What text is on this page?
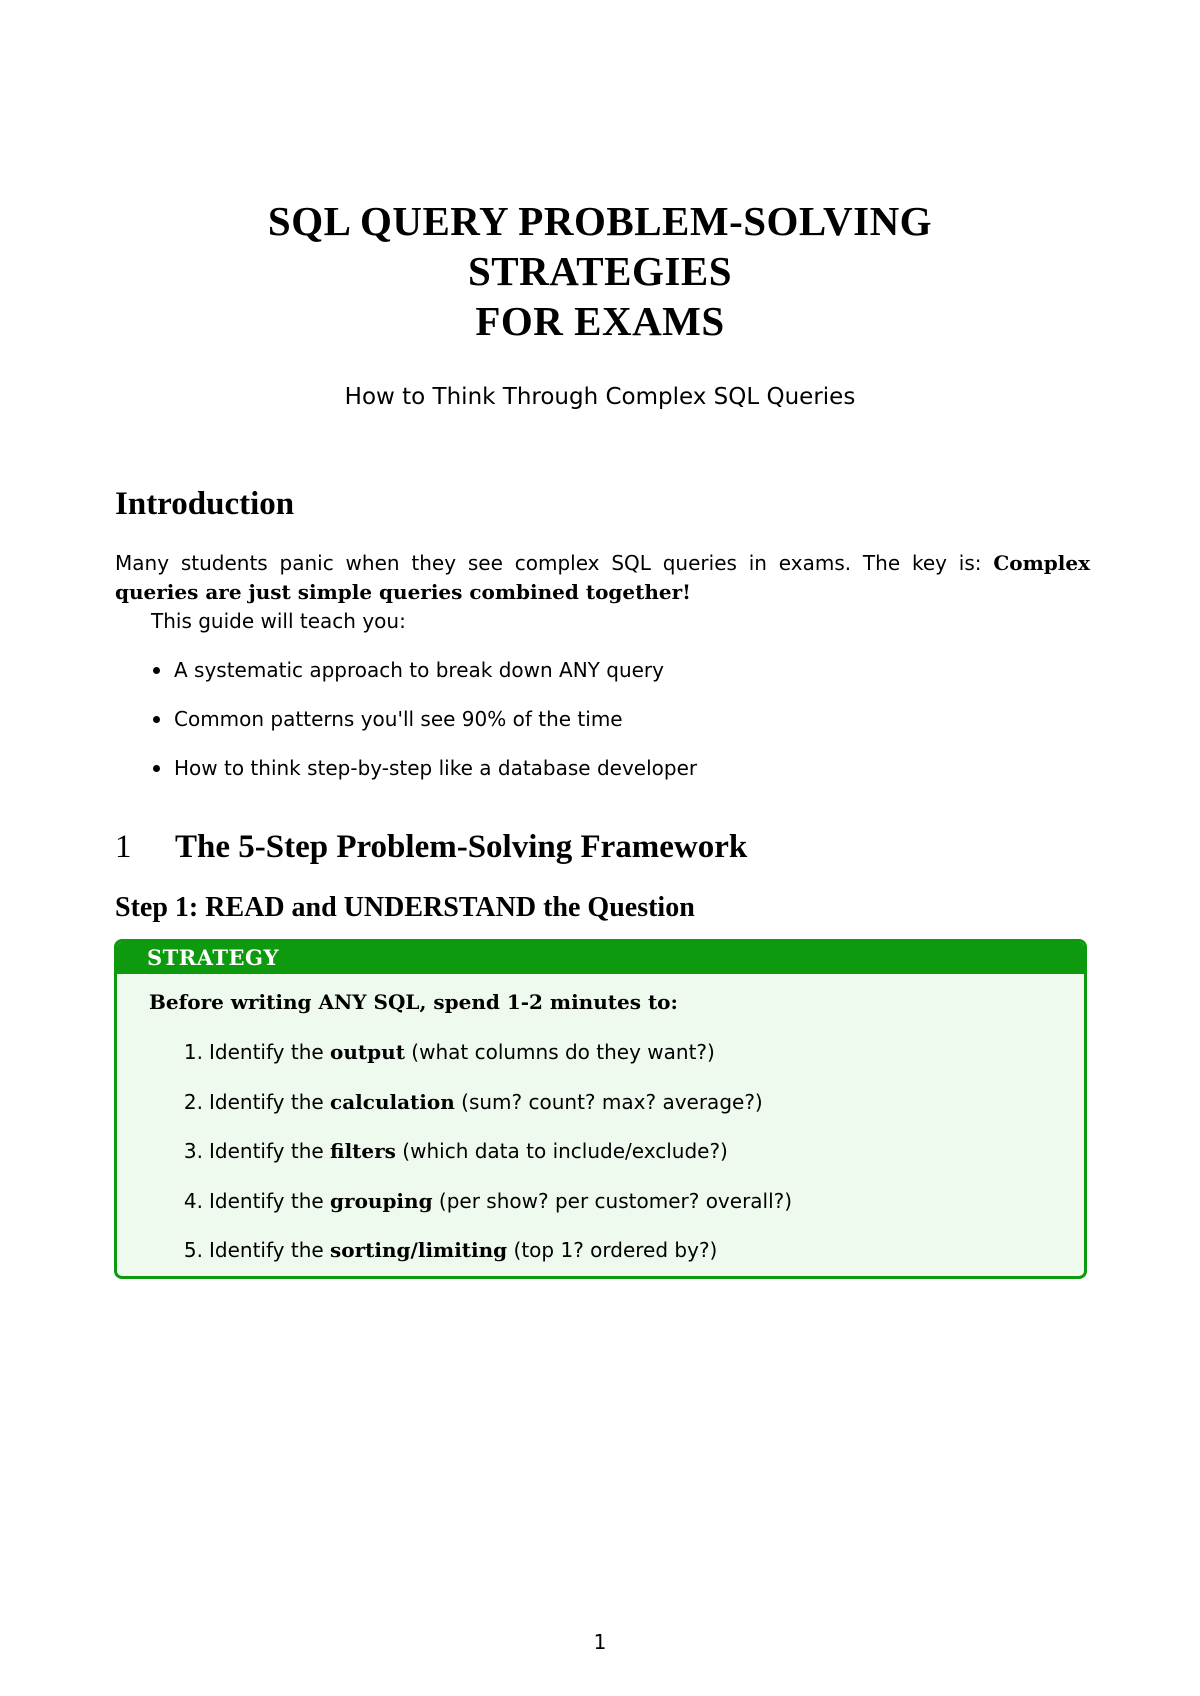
SQL QUERY PROBLEM-SOLVING
STRATEGIES
FOR EXAMS
How to Think Through Complex SQL Queries
Introduction
Many students panic when they see complex SQL queries in exams. The key is: Complex queries are just simple queries combined together!
This guide will teach you:
A systematic approach to break down ANY query
Common patterns you'll see 90% of the time
How to think step-by-step like a database developer
1 The 5-Step Problem-Solving Framework
Step 1: READ and UNDERSTAND the Question
STRATEGY
Before writing ANY SQL, spend 1-2 minutes to:
1. Identify the output (what columns do they want?)
2. Identify the calculation (sum? count? max? average?)
3. Identify the filters (which data to include/exclude?)
4. Identify the grouping (per show? per customer? overall?)
5. Identify the sorting/limiting (top 1? ordered by?)
1
